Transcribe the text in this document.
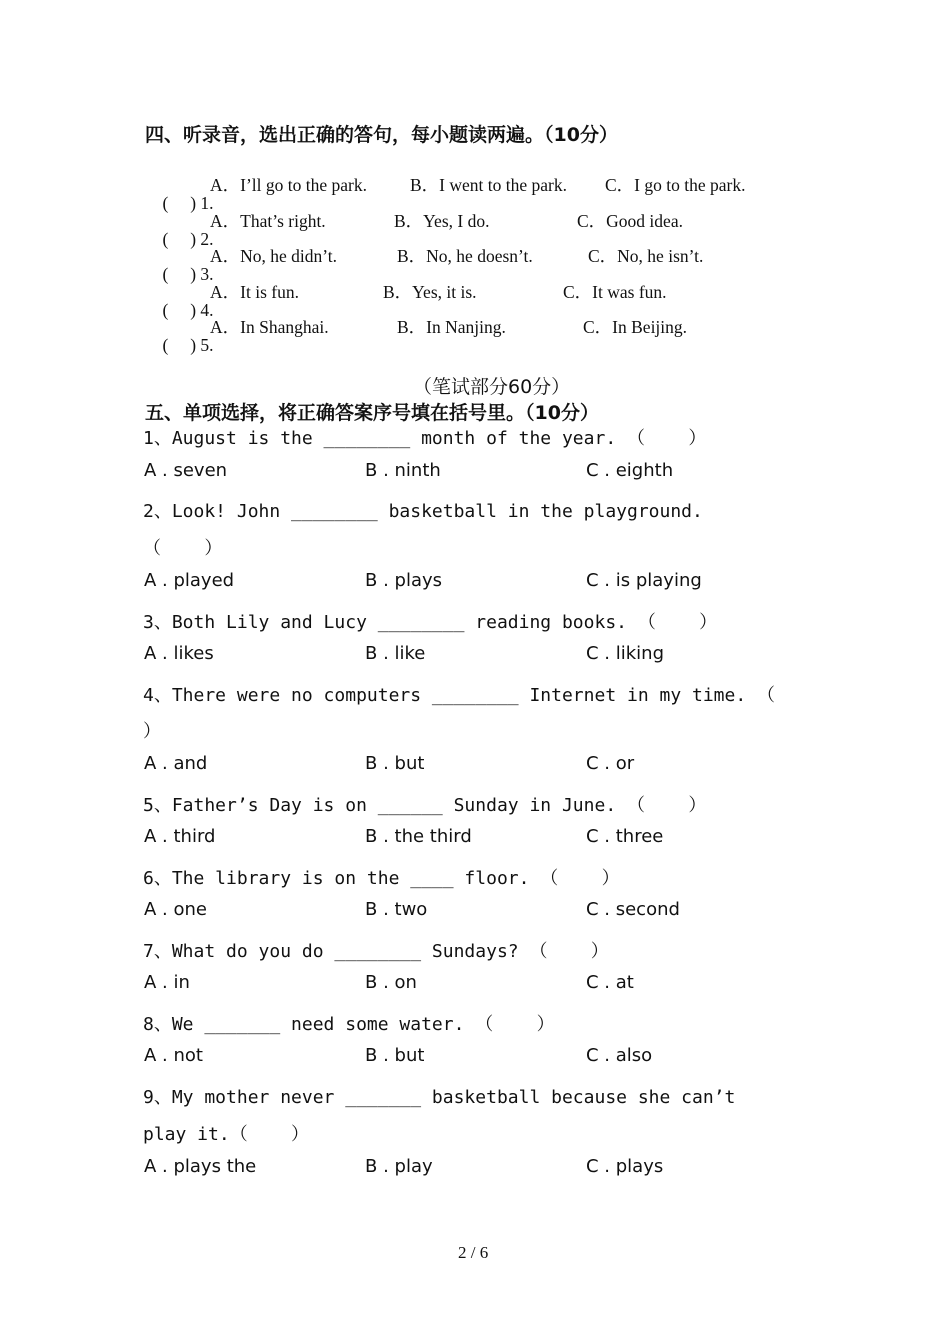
四、听录音，选出正确的答句，每小题读两遍。（10分）

(     ) 1.

A．I’ll go to the park. B．I went to the park. C．I go to the park.

(     ) 2.

A．That’s right.	B．Yes, I do.	C．Good idea.

(     ) 3.

A．No, he didn’t.	B．No, he doesn’t.	C．No, he isn’t.

(     ) 4.

A．It is fun.	B．Yes, it is.	C．It was fun.

(     ) 5.

A．In Shanghai.	B．In Nanjing.	C．In Beijing.
（笔试部分60分）
五、单项选择，将正确答案序号填在括号里。（10分）
1、August is the ________ month of the year. （    ）
A . seven	B . ninth	C . eighth
2、Look! John ________ basketball in the playground.
（    ）
A . played	B . plays	C . is playing
3、Both Lily and Lucy ________ reading books. （    ）
A . likes	B . like	C . liking
4、There were no computers ________ Internet in my time. （
）
A . and	B . but	C . or
5、Father’s Day is on ______ Sunday in June. （    ）
A . third	B . the third	C . three
6、The library is on the ____ floor. （    ）
A . one	B . two	C . second
7、What do you do ________ Sundays? （    ）
A . in	B . on	C . at
8、We _______ need some water. （    ）
A . not	B . but	C . also
9、My mother never _______ basketball because she can’t
play it.（    ）
A . plays the	B . play	C . plays
2 / 6
